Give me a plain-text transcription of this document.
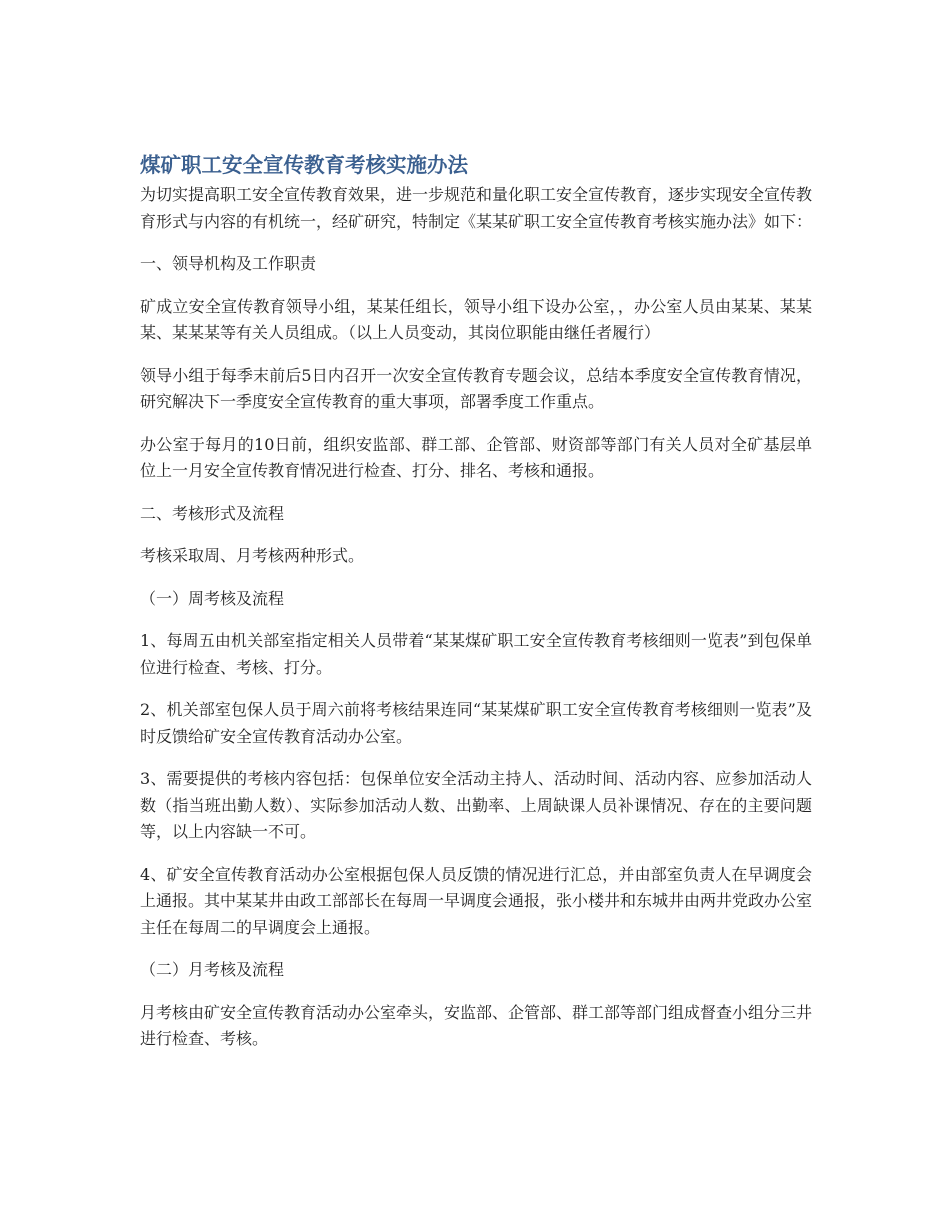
煤矿职工安全宣传教育考核实施办法

为切实提高职工安全宣传教育效果，进一步规范和量化职工安全宣传教育，逐步实现安全宣传教育形式与内容的有机统一，经矿研究，特制定《某某矿职工安全宣传教育考核实施办法》如下：

一、领导机构及工作职责

矿成立安全宣传教育领导小组，某某任组长，领导小组下设办公室，，办公室人员由某某、某某某、某某某等有关人员组成。（以上人员变动，其岗位职能由继任者履行）

领导小组于每季末前后5日内召开一次安全宣传教育专题会议，总结本季度安全宣传教育情况，研究解决下一季度安全宣传教育的重大事项，部署季度工作重点。

办公室于每月的10日前，组织安监部、群工部、企管部、财资部等部门有关人员对全矿基层单位上一月安全宣传教育情况进行检查、打分、排名、考核和通报。

二、考核形式及流程

考核采取周、月考核两种形式。

（一）周考核及流程

1、每周五由机关部室指定相关人员带着“某某煤矿职工安全宣传教育考核细则一览表”到包保单位进行检查、考核、打分。

2、机关部室包保人员于周六前将考核结果连同“某某煤矿职工安全宣传教育考核细则一览表”及时反馈给矿安全宣传教育活动办公室。

3、需要提供的考核内容包括：包保单位安全活动主持人、活动时间、活动内容、应参加活动人数（指当班出勤人数）、实际参加活动人数、出勤率、上周缺课人员补课情况、存在的主要问题等，以上内容缺一不可。

4、矿安全宣传教育活动办公室根据包保人员反馈的情况进行汇总，并由部室负责人在早调度会上通报。其中某某井由政工部部长在每周一早调度会通报，张小楼井和东城井由两井党政办公室主任在每周二的早调度会上通报。

（二）月考核及流程

月考核由矿安全宣传教育活动办公室牵头，安监部、企管部、群工部等部门组成督查小组分三井进行检查、考核。
